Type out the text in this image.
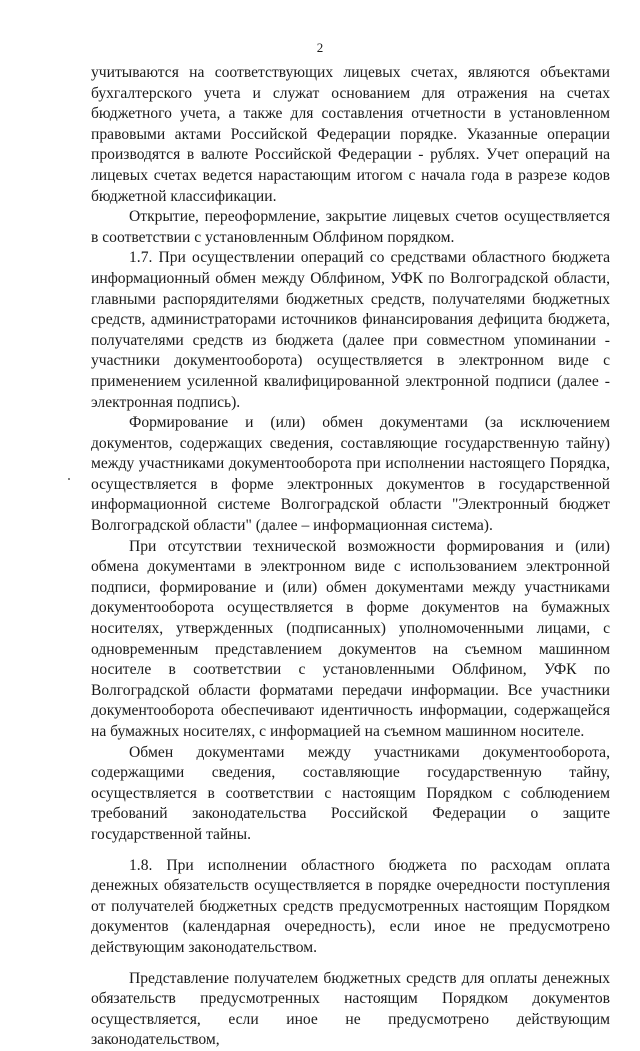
2

учитываются на соответствующих лицевых счетах, являются объектами бухгалтерского учета и служат основанием для отражения на счетах бюджетного учета, а также для составления отчетности в установленном правовыми актами Российской Федерации порядке. Указанные операции производятся в валюте Российской Федерации - рублях. Учет операций на лицевых счетах ведется нарастающим итогом с начала года в разрезе кодов бюджетной классификации.

Открытие, переоформление, закрытие лицевых счетов осуществляется в соответствии с установленным Облфином порядком.

1.7. При осуществлении операций со средствами областного бюджета информационный обмен между Облфином, УФК по Волгоградской области, главными распорядителями бюджетных средств, получателями бюджетных средств, администраторами источников финансирования дефицита бюджета, получателями средств из бюджета (далее при совместном упоминании - участники документооборота) осуществляется в электронном виде с применением усиленной квалифицированной электронной подписи (далее - электронная подпись).

Формирование и (или) обмен документами (за исключением документов, содержащих сведения, составляющие государственную тайну) между участниками документооборота при исполнении настоящего Порядка, осуществляется в форме электронных документов в государственной информационной системе Волгоградской области "Электронный бюджет Волгоградской области" (далее – информационная система).

При отсутствии технической возможности формирования и (или) обмена документами в электронном виде с использованием электронной подписи, формирование и (или) обмен документами между участниками документооборота осуществляется в форме документов на бумажных носителях, утвержденных (подписанных) уполномоченными лицами, с одновременным представлением документов на съемном машинном носителе в соответствии с установленными Облфином, УФК по Волгоградской области форматами передачи информации. Все участники документооборота обеспечивают идентичность информации, содержащейся на бумажных носителях, с информацией на съемном машинном носителе.

Обмен документами между участниками документооборота, содержащими сведения, составляющие государственную тайну, осуществляется в соответствии с настоящим Порядком с соблюдением требований законодательства Российской Федерации о защите государственной тайны.

1.8. При исполнении областного бюджета по расходам оплата денежных обязательств осуществляется в порядке очередности поступления от получателей бюджетных средств предусмотренных настоящим Порядком документов (календарная очередность), если иное не предусмотрено действующим законодательством.

Представление получателем бюджетных средств для оплаты денежных обязательств предусмотренных настоящим Порядком документов осуществляется, если иное не предусмотрено действующим законодательством,
